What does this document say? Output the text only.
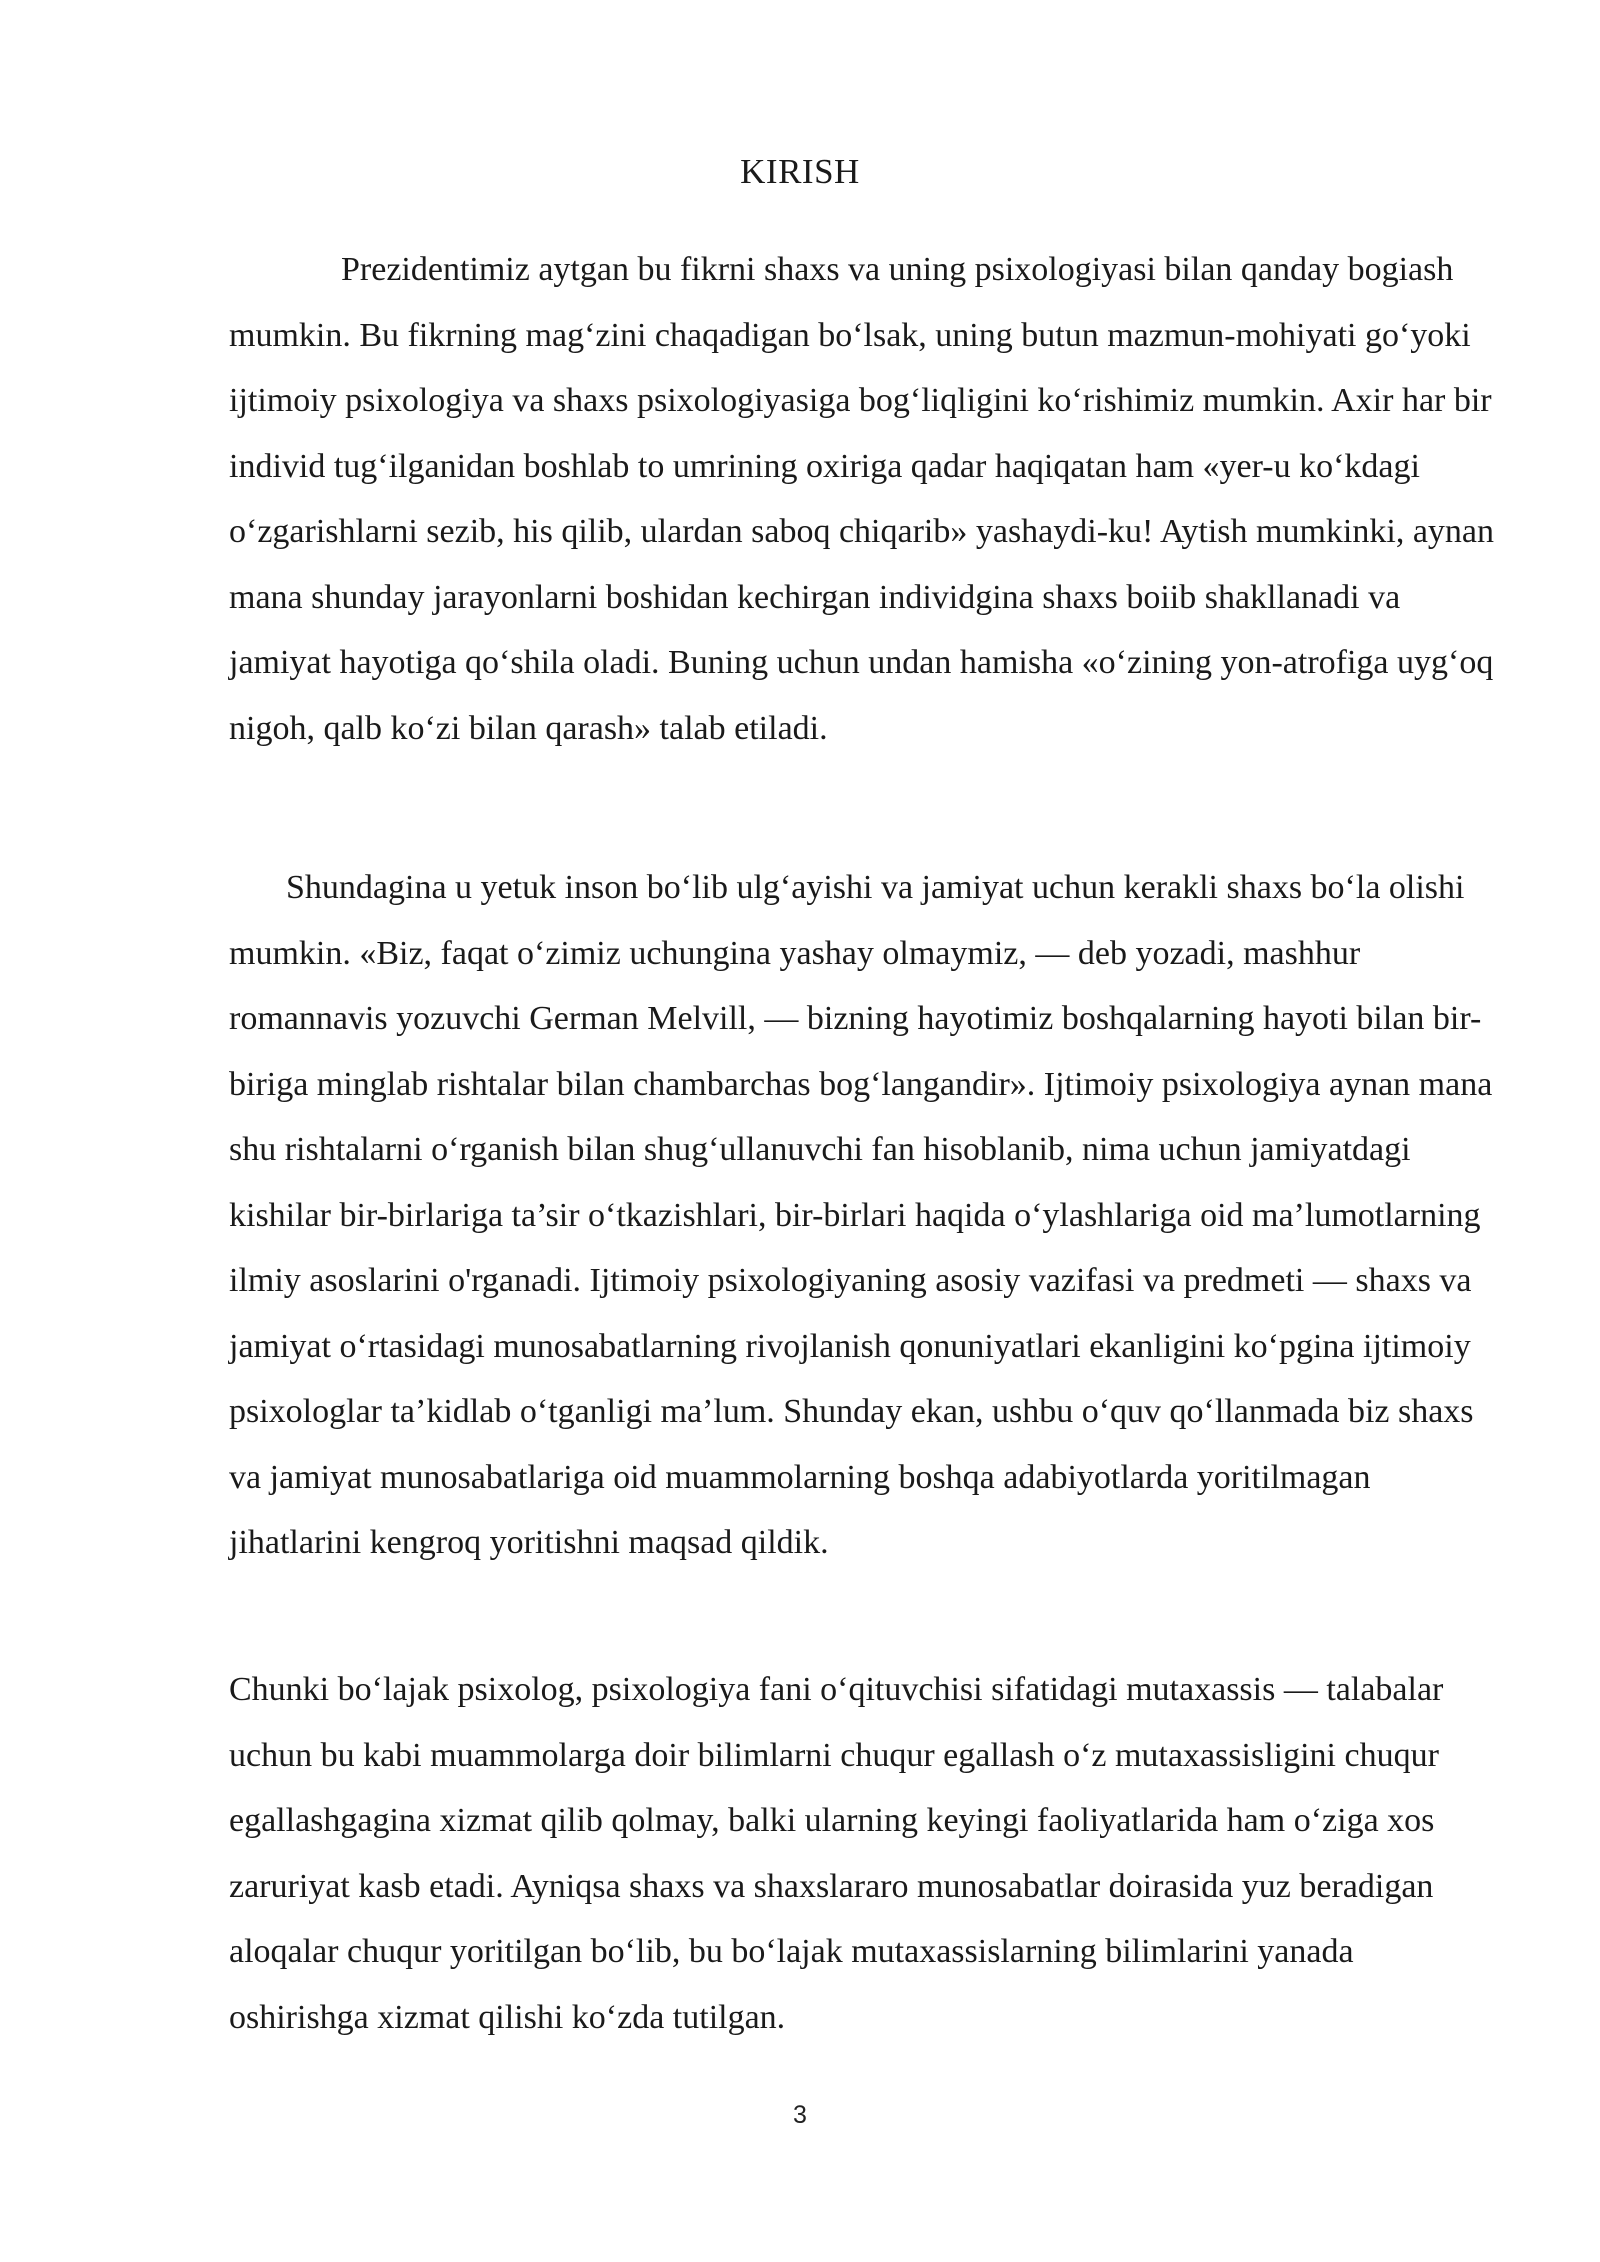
KIRISH

Prezidentimiz aytgan bu fikrni shaxs va uning psixologiyasi bilan qanday bogiash mumkin. Bu fikrning mag‘zini chaqadigan bo‘lsak, uning butun mazmun-mohiyati go‘yoki ijtimoiy psixologiya va shaxs psixologiyasiga bog‘liqligini ko‘rishimiz mumkin. Axir har bir individ tug‘ilganidan boshlab to umrining oxiriga qadar haqiqatan ham «yer-u ko‘kdagi o‘zgarishlarni sezib, his qilib, ulardan saboq chiqarib» yashaydi-ku! Aytish mumkinki, aynan mana shunday jarayonlarni boshidan kechirgan individgina shaxs boiib shakllanadi va jamiyat hayotiga qo‘shila oladi. Buning uchun undan hamisha «o‘zining yon-atrofiga uyg‘oq nigoh, qalb ko‘zi bilan qarash» talab etiladi.

Shundagina u yetuk inson bo‘lib ulg‘ayishi va jamiyat uchun kerakli shaxs bo‘la olishi mumkin. «Biz, faqat o‘zimiz uchungina yashay olmaymiz, — deb yozadi, mashhur romannavis yozuvchi German Melvill, — bizning hayotimiz boshqalarning hayoti bilan bir-biriga minglab rishtalar bilan chambarchas bog‘langandir». Ijtimoiy psixologiya aynan mana shu rishtalarni o‘rganish bilan shug‘ullanuvchi fan hisoblanib, nima uchun jamiyatdagi kishilar bir-birlariga ta’sir o‘tkazishlari, bir-birlari haqida o‘ylashlariga oid ma’lumotlarning ilmiy asoslarini o'rganadi. Ijtimoiy psixologiyaning asosiy vazifasi va predmeti — shaxs va jamiyat o‘rtasidagi munosabatlarning rivojlanish qonuniyatlari ekanligini ko‘pgina ijtimoiy psixologlar ta’kidlab o‘tganligi ma’lum. Shunday ekan, ushbu o‘quv qo‘llanmada biz shaxs va jamiyat munosabatlariga oid muammolarning boshqa adabiyotlarda yoritilmagan jihatlarini kengroq yoritishni maqsad qildik.

Chunki bo‘lajak psixolog, psixologiya fani o‘qituvchisi sifatidagi mutaxassis — talabalar uchun bu kabi muammolarga doir bilimlarni chuqur egallash o‘z mutaxassisligini chuqur egallashgagina xizmat qilib qolmay, balki ularning keyingi faoliyatlarida ham o‘ziga xos zaruriyat kasb etadi. Ayniqsa shaxs va shaxslararo munosabatlar doirasida yuz beradigan aloqalar chuqur yoritilgan bo‘lib, bu bo‘lajak mutaxassislarning bilimlarini yanada oshirishga xizmat qilishi ko‘zda tutilgan.

3
